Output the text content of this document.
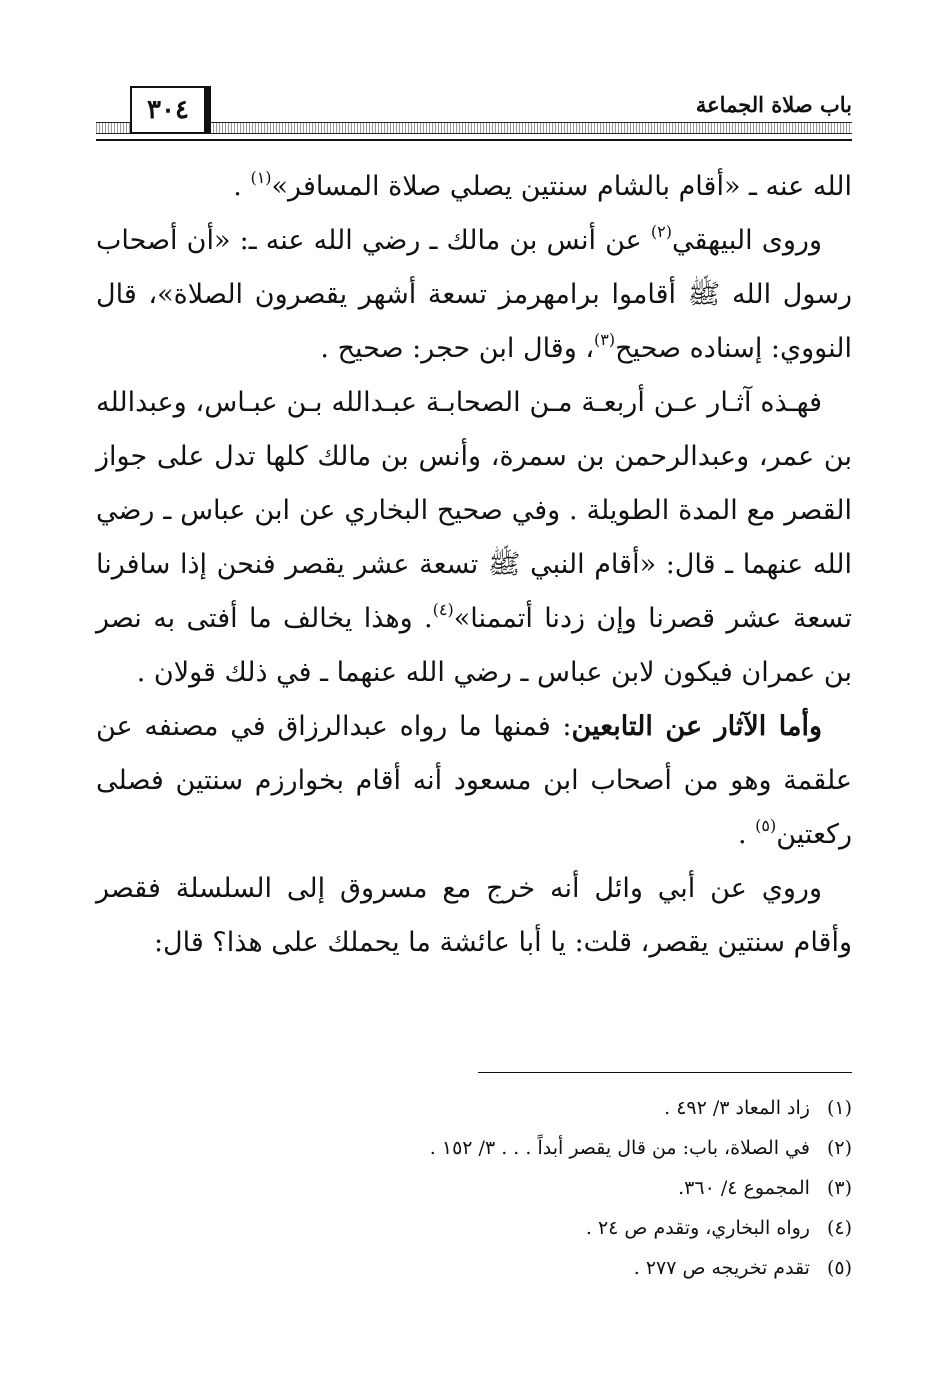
باب صلاة الجماعة
٣٠٤

الله عنه ـ «أقام بالشام سنتين يصلي صلاة المسافر»$^{(١)}$ .

وروى البيهقي$^{(٢)}$ عن أنس بن مالك ـ رضي الله عنه ـ: «أن أصحاب رسول الله ﷺ أقاموا برامهرمز تسعة أشهر يقصرون الصلاة»، قال النووي: إسناده صحيح$^{(٣)}$، وقال ابن حجر: صحيح .

فهـذه آثـار عـن أربعـة مـن الصحابـة عبـدالله بـن عبـاس، وعبدالله بن عمر، وعبدالرحمن بن سمرة، وأنس بن مالك كلها تدل على جواز القصر مع المدة الطويلة . وفي صحيح البخاري عن ابن عباس ـ رضي الله عنهما ـ قال: «أقام النبي ﷺ تسعة عشر يقصر فنحن إذا سافرنا تسعة عشر قصرنا وإن زدنا أتممنا»$^{(٤)}$. وهذا يخالف ما أفتى به نصر بن عمران فيكون لابن عباس ـ رضي الله عنهما ـ في ذلك قولان .

وأما الآثار عن التابعين: فمنها ما رواه عبدالرزاق في مصنفه عن علقمة وهو من أصحاب ابن مسعود أنه أقام بخوارزم سنتين فصلى ركعتين$^{(٥)}$ .

وروي عن أبي وائل أنه خرج مع مسروق إلى السلسلة فقصر وأقام سنتين يقصر، قلت: يا أبا عائشة ما يحملك على هذا؟ قال:

(١) زاد المعاد ٣/ ٤٩٢ .
(٢) في الصلاة، باب: من قال يقصر أبداً . . . ٣/ ١٥٢ .
(٣) المجموع ٤/ ٣٦٠.
(٤) رواه البخاري، وتقدم ص ٢٤ .
(٥) تقدم تخريجه ص ٢٧٧ .
